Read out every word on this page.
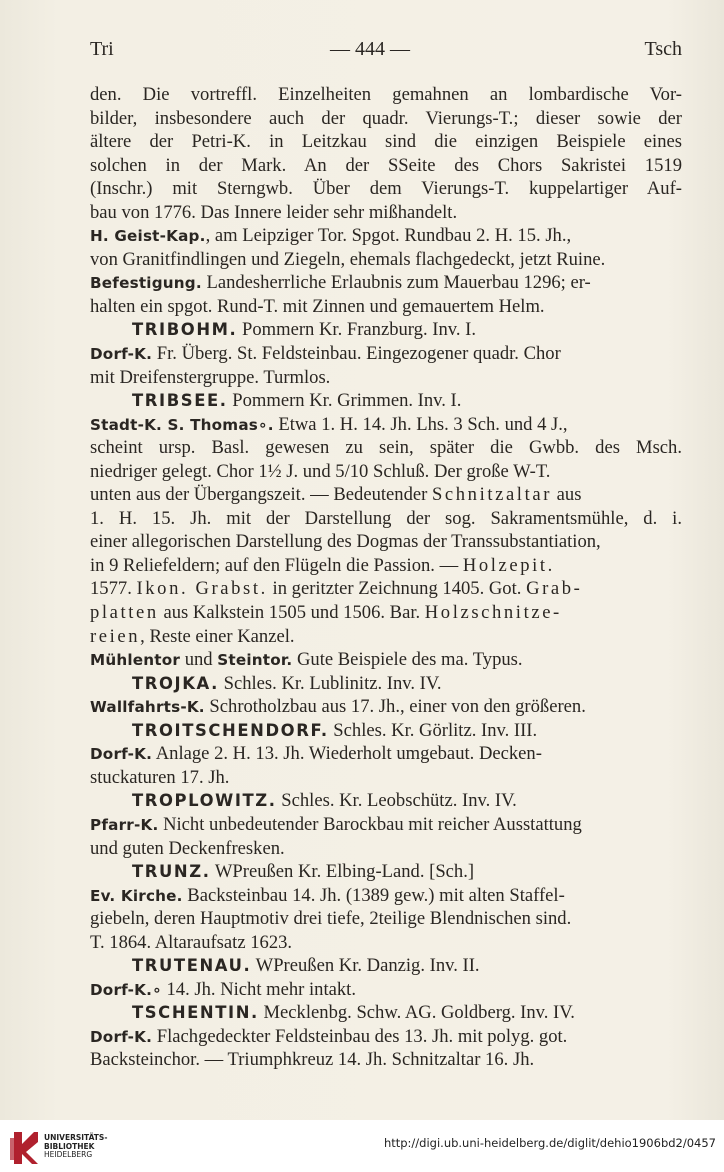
Tri	— 444 —	Tsch
den. Die vortreffl. Einzelheiten gemahnen an lombardische Vor-
bilder, insbesondere auch der quadr. Vierungs-T.; dieser sowie der
ältere der Petri-K. in Leitzkau sind die einzigen Beispiele eines
solchen in der Mark. An der SSeite des Chors Sakristei 1519
(Inschr.) mit Sterngwb. Über dem Vierungs-T. kuppelartiger Auf-
bau von 1776. Das Innere leider sehr mißhandelt.
H. Geist-Kap., am Leipziger Tor. Spgot. Rundbau 2. H. 15. Jh.,
von Granitfindlingen und Ziegeln, ehemals flachgedeckt, jetzt Ruine.
Befestigung. Landesherrliche Erlaubnis zum Mauerbau 1296; er-
halten ein spgot. Rund-T. mit Zinnen und gemauertem Helm.
TRIBOHM. Pommern Kr. Franzburg. Inv. I.
Dorf-K. Fr. Überg. St. Feldsteinbau. Eingezogener quadr. Chor
mit Dreifenstergruppe. Turmlos.
TRIBSEE. Pommern Kr. Grimmen. Inv. I.
Stadt-K. S. Thomas∘. Etwa 1. H. 14. Jh. Lhs. 3 Sch. und 4 J.,
scheint ursp. Basl. gewesen zu sein, später die Gwbb. des Msch.
niedriger gelegt. Chor 1½ J. und 5/10 Schluß. Der große W-T.
unten aus der Übergangszeit. — Bedeutender Schnitzaltar aus
1. H. 15. Jh. mit der Darstellung der sog. Sakramentsmühle, d. i.
einer allegorischen Darstellung des Dogmas der Transsubstantiation,
in 9 Reliefeldern; auf den Flügeln die Passion. — Holzepit.
1577. Ikon. Grabst. in geritzter Zeichnung 1405. Got. Grab-
platten aus Kalkstein 1505 und 1506. Bar. Holzschnitze-
reien, Reste einer Kanzel.
Mühlentor und Steintor. Gute Beispiele des ma. Typus.
TROJKA. Schles. Kr. Lublinitz. Inv. IV.
Wallfahrts-K. Schrotholzbau aus 17. Jh., einer von den größeren.
TROITSCHENDORF. Schles. Kr. Görlitz. Inv. III.
Dorf-K. Anlage 2. H. 13. Jh. Wiederholt umgebaut. Decken-
stuckaturen 17. Jh.
TROPLOWITZ. Schles. Kr. Leobschütz. Inv. IV.
Pfarr-K. Nicht unbedeutender Barockbau mit reicher Ausstattung
und guten Deckenfresken.
TRUNZ. WPreußen Kr. Elbing-Land. [Sch.]
Ev. Kirche. Backsteinbau 14. Jh. (1389 gew.) mit alten Staffel-
giebeln, deren Hauptmotiv drei tiefe, 2teilige Blendnischen sind.
T. 1864. Altaraufsatz 1623.
TRUTENAU. WPreußen Kr. Danzig. Inv. II.
Dorf-K.∘ 14. Jh. Nicht mehr intakt.
TSCHENTIN. Mecklenbg. Schw. AG. Goldberg. Inv. IV.
Dorf-K. Flachgedeckter Feldsteinbau des 13. Jh. mit polyg. got.
Backsteinchor. — Triumphkreuz 14. Jh. Schnitzaltar 16. Jh.
UNIVERSITÄTS-
BIBLIOTHEK
HEIDELBERG
http://digi.ub.uni-heidelberg.de/diglit/dehio1906bd2/0457
